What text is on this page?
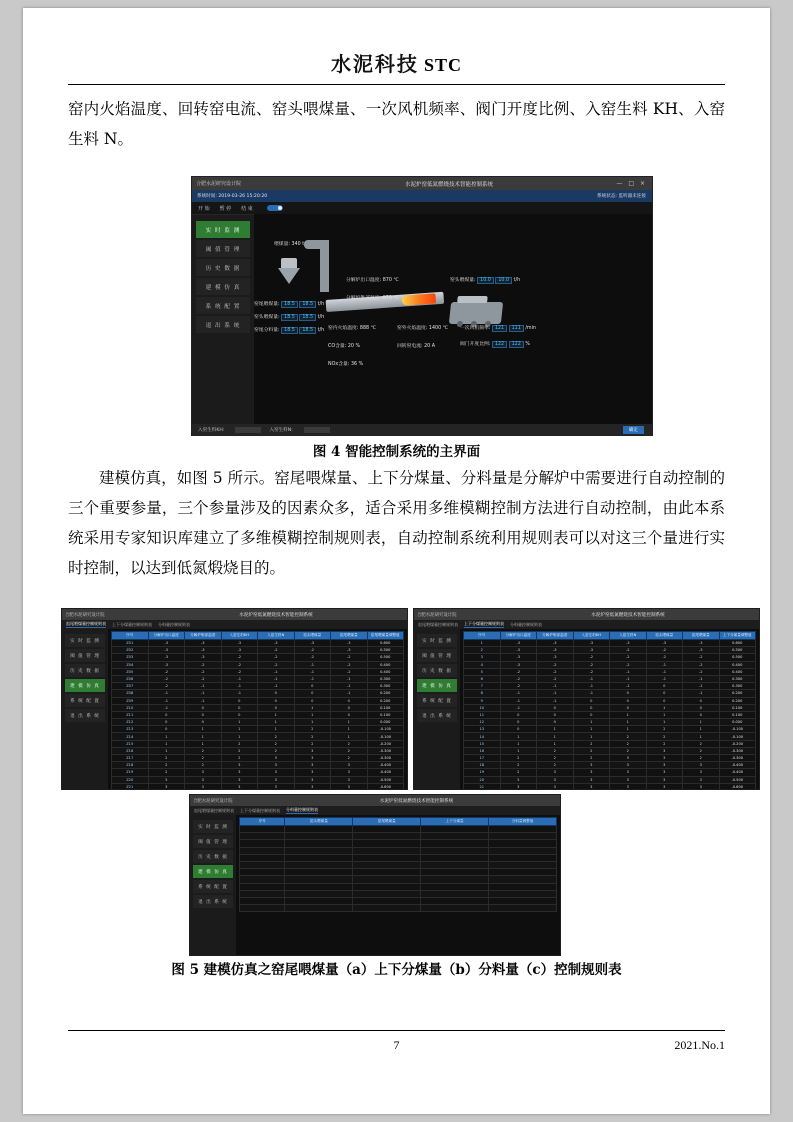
水泥科技 STC
窑内火焰温度、回转窑电流、窑头喂煤量、一次风机频率、阀门开度比例、入窑生料 KH、入窑生料 N。
合肥水泥研究设计院	水泥炉窑低氮燃烧技术智能控制系统	— □ ×
系统时间: 2019-03-26 15:20:20	系统状态: 监听器未连接
开 始 暂 停 结 束
实 时 监 测
阈 值 管 理
历 史 数 据
建 模 仿 真
系 统 配 置
退 出 系 统
喂煤量: 340 t
窑尾喂煤量: 18.5 18.5 t/h
窑头喂煤量: 18.5 18.5 t/h
窑尾分料量: 18.5 18.5 t/h
分解炉出口温度: 870 ℃
分解炉锥部温度: 870 ℃
窑内火焰温度: 888 ℃	窑外火焰温度: 1400 ℃
窑头喂煤量: 10.0 10.0 t/h
一次风机频率: 121 111 /min
阀门开度比例: 122 122 %
CO含量: 20 %	回转窑电流: 20 A
NOx含量: 36 %
入窑生料KH:	入窑生料N:	确定
图 4 智能控制系统的主界面
建模仿真，如图 5 所示。窑尾喂煤量、上下分煤量、分料量是分解炉中需要进行自动控制的三个重要参量，三个参量涉及的因素众多，适合采用多维模糊控制方法进行自动控制，由此本系统采用专家知识库建立了多维模糊控制规则表，自动控制系统利用规则表可以对这三个量进行实时控制，以达到低氮煅烧目的。
合肥水泥研究设计院	水泥炉窑低氮燃烧技术智能控制系统
窑尾喂煤量控制规则表 上下分煤量控制规则表 分料量控制规则表
实 时 监 测
阈 值 管 理
历 史 数 据
建 模 仿 真
系 统 配 置
退 出 系 统
序号	分解炉出口温度	分解炉锥部温度	入窑生料KH	入窑生料N	窑头喂煤量	窑尾喂煤量	窑尾喂煤量调整值
Z01	-3	-3	-3	-3	-3	-3	0.600
Z02	-3	-3	-3	-2	-2	-3	0.500
Z03	-3	-3	-2	-2	-2	-2	0.500
Z04	-3	-2	-2	-2	-1	-2	0.400
Z05	-2	-2	-2	-1	-1	-2	0.400
Z06	-2	-2	-1	-1	-1	-1	0.300
Z07	-2	-1	-1	-1	0	-1	0.300
Z08	-1	-1	-1	0	0	-1	0.200
Z09	-1	-1	0	0	0	0	0.200
Z10	-1	0	0	0	1	0	0.100
Z11	0	0	0	1	1	0	0.100
Z12	0	0	1	1	1	1	0.000
Z13	0	1	1	1	2	1	-0.100
Z14	1	1	1	2	2	1	-0.100
Z15	1	1	2	2	2	2	-0.200
Z16	1	2	2	2	3	2	-0.300
Z17	2	2	2	3	3	2	-0.300
Z18	2	2	3	3	3	3	-0.400
Z19	2	3	3	3	3	3	-0.400
Z20	3	3	3	3	3	3	-0.500
Z21	3	3	3	3	3	3	-0.600
合肥水泥研究设计院	水泥炉窑低氮燃烧技术智能控制系统
窑尾喂煤量控制规则表 上下分煤量控制规则表 分料量控制规则表
实 时 监 测
阈 值 管 理
历 史 数 据
建 模 仿 真
系 统 配 置
退 出 系 统
序号	分解炉出口温度	分解炉锥部温度	入窑生料KH	入窑生料N	窑头喂煤量	窑尾喂煤量	上下分煤量调整值
1	-3	-3	-3	-3	-3	-3	0.600
2	-3	-3	-3	-2	-2	-3	0.500
3	-3	-3	-2	-2	-2	-2	0.500
4	-3	-2	-2	-2	-1	-2	0.400
5	-2	-2	-2	-1	-1	-2	0.400
6	-2	-2	-1	-1	-1	-1	0.300
7	-2	-1	-1	-1	0	-1	0.300
8	-1	-1	-1	0	0	-1	0.200
9	-1	-1	0	0	0	0	0.200
10	-1	0	0	0	1	0	0.100
11	0	0	0	1	1	0	0.100
12	0	0	1	1	1	1	0.000
13	0	1	1	1	2	1	-0.100
14	1	1	1	2	2	1	-0.100
15	1	1	2	2	2	2	-0.200
16	1	2	2	2	3	2	-0.300
17	2	2	2	3	3	2	-0.300
18	2	2	3	3	3	3	-0.400
19	2	3	3	3	3	3	-0.400
20	3	3	3	3	3	3	-0.500
21	3	3	3	3	3	3	-0.600
合肥水泥研究设计院	水泥炉窑低氮燃烧技术智能控制系统
窑尾喂煤量控制规则表 上下分煤量控制规则表 分料量控制规则表
实 时 监 测
阈 值 管 理
历 史 数 据
建 模 仿 真
系 统 配 置
退 出 系 统
序号	窑头喂煤量	窑尾喂煤量	上下分煤量	分料量调整值

图 5 建模仿真之窑尾喂煤量（a）上下分煤量（b）分料量（c）控制规则表
7	2021.No.1
